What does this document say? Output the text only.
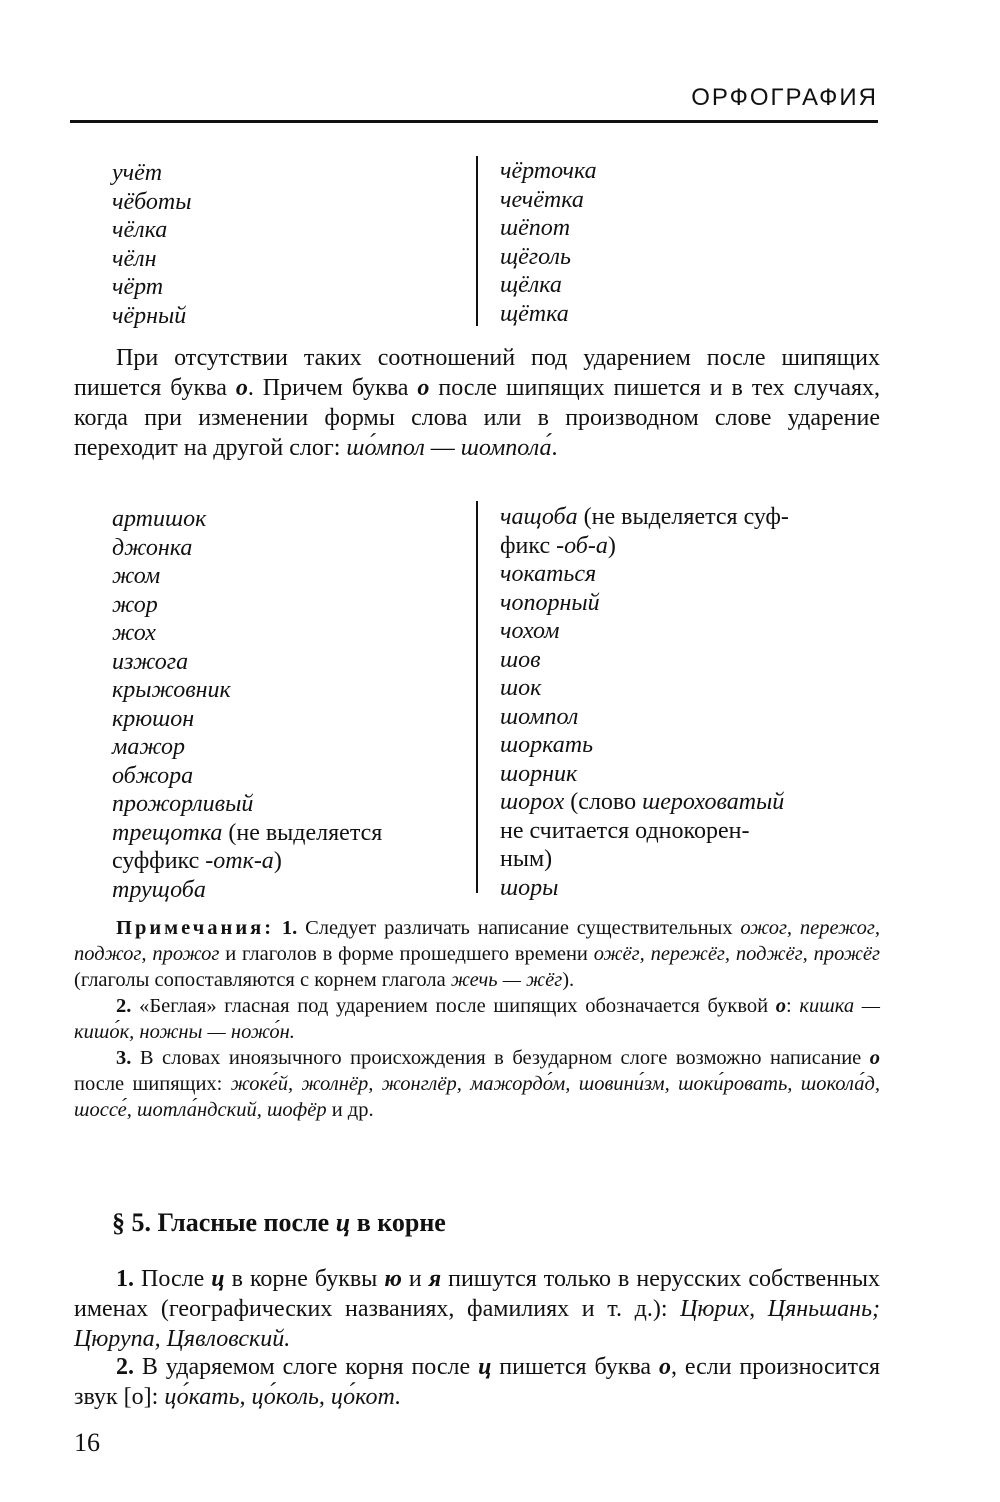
ОРФОГРАФИЯ
учёт
чёботы
чёлка
чёлн
чёрт
чёрный
чёрточка
чечётка
шёпот
щёголь
щёлка
щётка

При отсутствии таких соотношений под ударением после шипящих пишется буква о. Причем буква о после шипящих пишется и в тех случаях, когда при изменении формы слова или в производном слове ударение переходит на другой слог: шо́мпол — шомпола́.

артишок
джонка
жом
жор
жох
изжога
крыжовник
крюшон
мажор
обжора
прожорливый
трещотка (не выделяется
суффикс -отк-а)
трущоба
чащоба (не выделяется суф-
фикс -об-а)
чокаться
чопорный
чохом
шов
шок
шомпол
шоркать
шорник
шорох (слово шероховатый
не считается однокорен-
ным)
шоры

Примечания: 1. Следует различать написание существительных ожог, пережог, поджог, прожог и глаголов в форме прошедшего времени ожёг, пережёг, поджёг, прожёг (глаголы сопоставляются с корнем глагола жечь — жёг).

2. «Беглая» гласная под ударением после шипящих обозначается буквой о: кишка — кишо́к, ножны — ножо́н.

3. В словах иноязычного происхождения в безударном слоге возможно написание о после шипящих: жоке́й, жолнёр, жонглёр, мажордо́м, шовини́зм, шоки́ровать, шокола́д, шоссе́, шотла́ндский, шофёр и др.

§ 5. Гласные после ц в корне

1. После ц в корне буквы ю и я пишутся только в нерусских собственных именах (географических названиях, фамилиях и т. д.): Цюрих, Цяньшань; Цюрупа, Цявловский.

2. В ударяемом слоге корня после ц пишется буква о, если произносится звук [о]: цо́кать, цо́коль, цо́кот.

16
